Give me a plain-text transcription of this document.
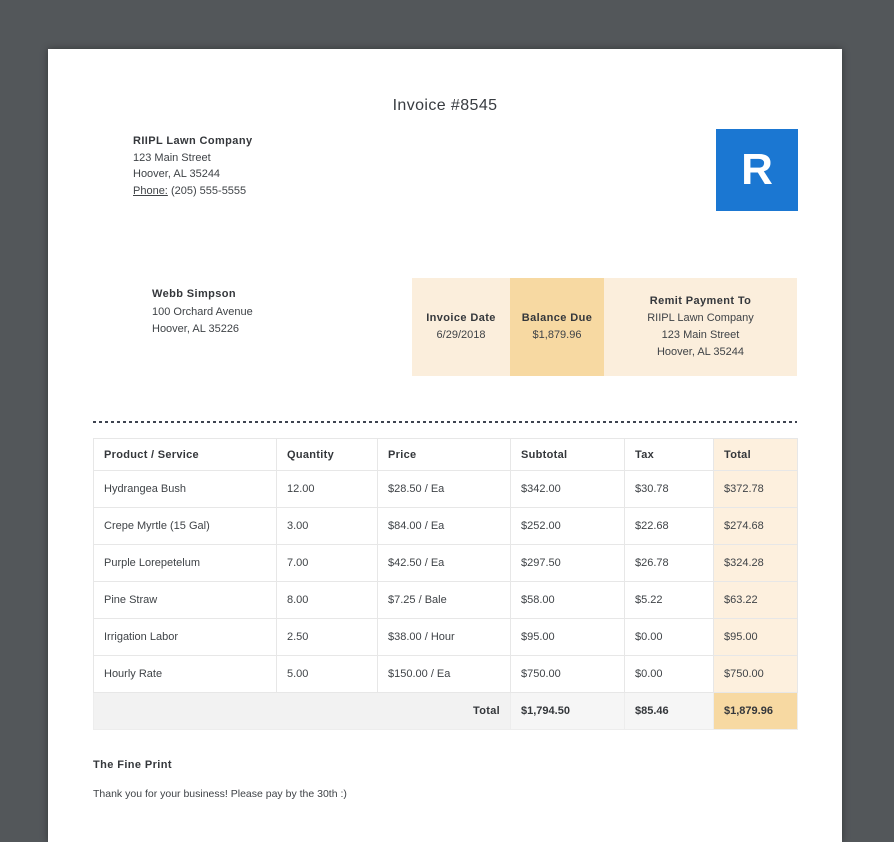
Invoice #8545
RIIPL Lawn Company
123 Main Street
Hoover, AL 35244
Phone: (205) 555-5555	R
Webb Simpson
100 Orchard Avenue
Hoover, AL 35226
Invoice Date
6/29/2018
Balance Due
$1,879.96
Remit Payment To
RIIPL Lawn Company
123 Main Street
Hoover, AL 35244
Product / Service	Quantity	Price	Subtotal	Tax	Total
Hydrangea Bush	12.00	$28.50 / Ea	$342.00	$30.78	$372.78
Crepe Myrtle (15 Gal)	3.00	$84.00 / Ea	$252.00	$22.68	$274.68
Purple Lorepetelum	7.00	$42.50 / Ea	$297.50	$26.78	$324.28
Pine Straw	8.00	$7.25 / Bale	$58.00	$5.22	$63.22
Irrigation Labor	2.50	$38.00 / Hour	$95.00	$0.00	$95.00
Hourly Rate	5.00	$150.00 / Ea	$750.00	$0.00	$750.00
Total			$1,794.50	$85.46	$1,879.96
The Fine Print
Thank you for your business! Please pay by the 30th :)
